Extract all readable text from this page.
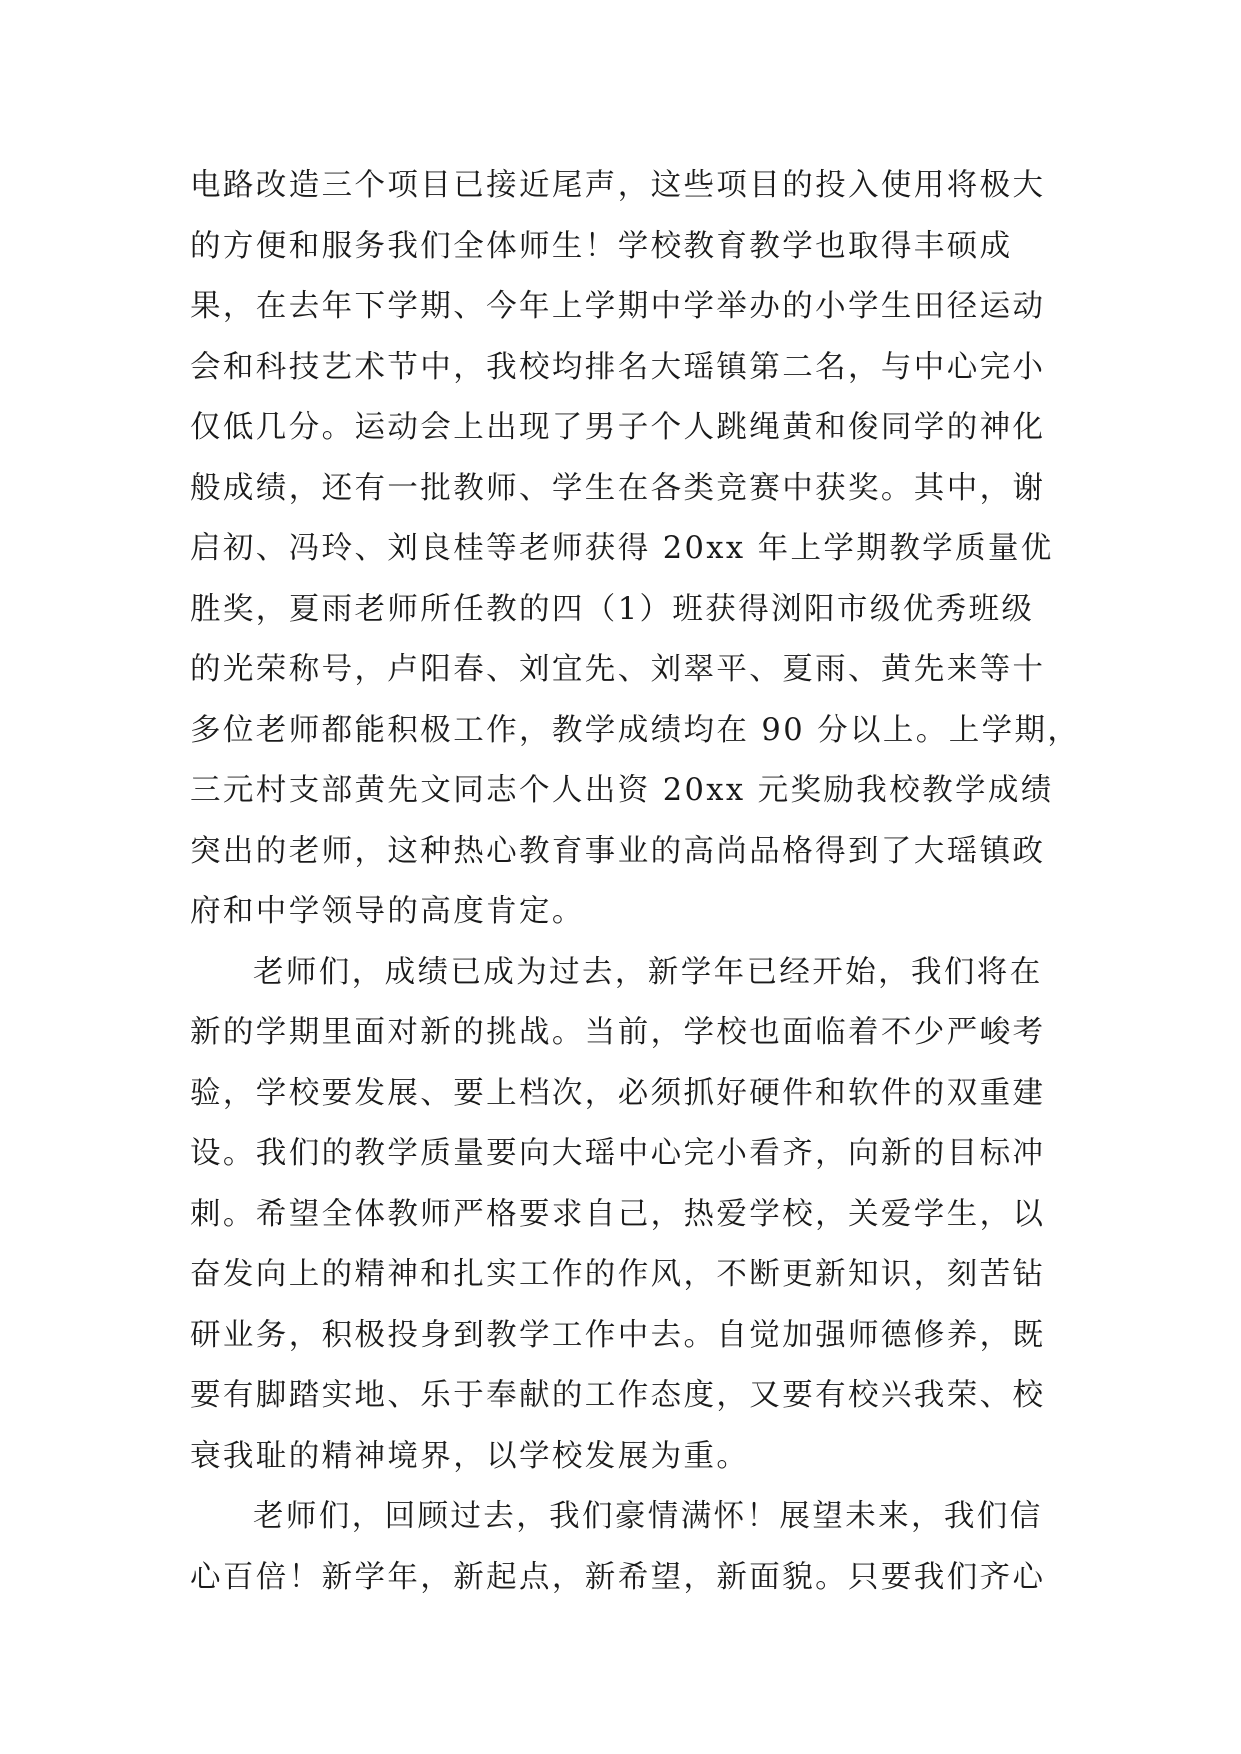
电路改造三个项目已接近尾声，这些项目的投入使用将极大
的方便和服务我们全体师生！学校教育教学也取得丰硕成
果，在去年下学期、今年上学期中学举办的小学生田径运动
会和科技艺术节中，我校均排名大瑶镇第二名，与中心完小
仅低几分。运动会上出现了男子个人跳绳黄和俊同学的神化
般成绩，还有一批教师、学生在各类竞赛中获奖。其中，谢
启初、冯玲、刘良桂等老师获得 20xx 年上学期教学质量优
胜奖，夏雨老师所任教的四（1）班获得浏阳市级优秀班级
的光荣称号，卢阳春、刘宜先、刘翠平、夏雨、黄先来等十
多位老师都能积极工作，教学成绩均在 90 分以上。上学期，
三元村支部黄先文同志个人出资 20xx 元奖励我校教学成绩
突出的老师，这种热心教育事业的高尚品格得到了大瑶镇政
府和中学领导的高度肯定。
老师们，成绩已成为过去，新学年已经开始，我们将在
新的学期里面对新的挑战。当前，学校也面临着不少严峻考
验，学校要发展、要上档次，必须抓好硬件和软件的双重建
设。我们的教学质量要向大瑶中心完小看齐，向新的目标冲
刺。希望全体教师严格要求自己，热爱学校，关爱学生，以
奋发向上的精神和扎实工作的作风，不断更新知识，刻苦钻
研业务，积极投身到教学工作中去。自觉加强师德修养，既
要有脚踏实地、乐于奉献的工作态度，又要有校兴我荣、校
衰我耻的精神境界，以学校发展为重。
老师们，回顾过去，我们豪情满怀！展望未来，我们信
心百倍！新学年，新起点，新希望，新面貌。只要我们齐心
